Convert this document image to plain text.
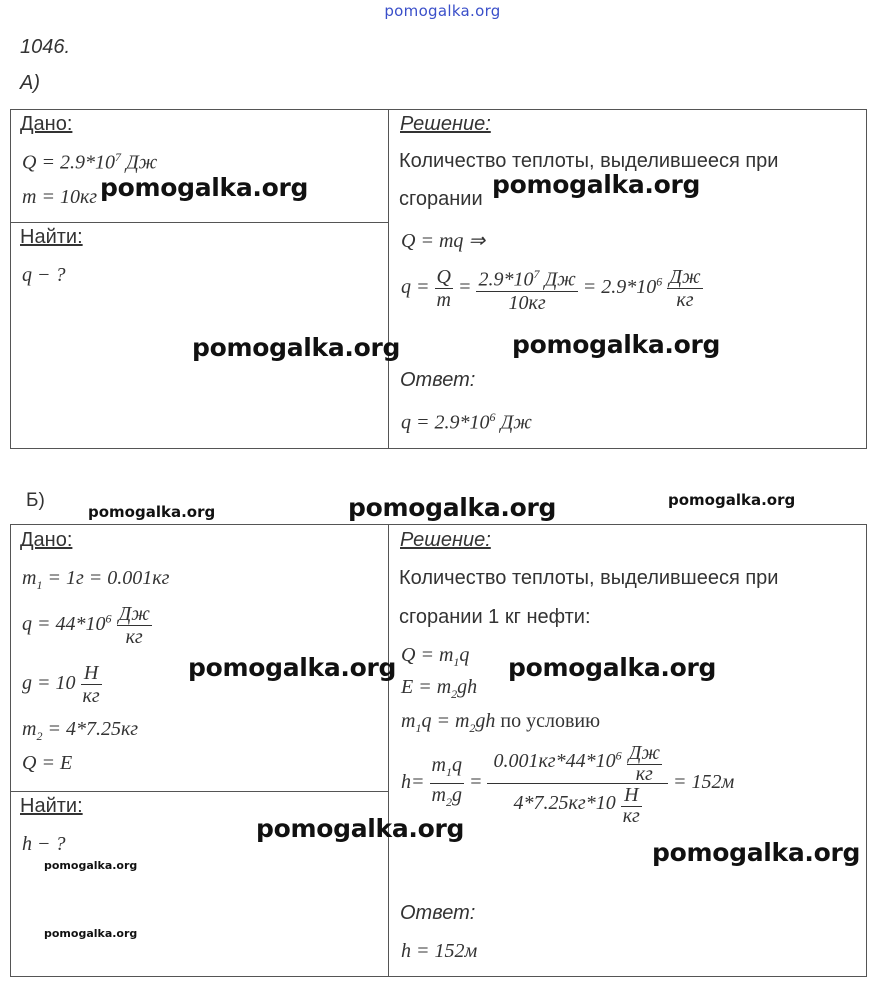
pomogalka.org
1046.
А)
Дано:
$Q = 2.9*10^7$ Дж
m = 10кг
Найти:
q − ?
Решение:
Количество теплоты, выделившееся при
сгорании
Q = mq ⇒
$q = \frac{Q}{m} = \frac{2.9*10^7 Дж}{10кг} = 2.9*10^6 \frac{Дж}{кг}$
Ответ:
$q = 2.9*10^6$ Дж
pomogalka.org	pomogalka.org
pomogalka.org	pomogalka.org
Б)
pomogalka.org	pomogalka.org	pomogalka.org
Дано:
$m_1 = 1г = 0.001кг$
$q = 44*10^6 \frac{Дж}{кг}$
$g = 10 \frac{Н}{кг}$
$m_2 = 4*7.25кг$
Q = E
Найти:
h − ?
Решение:
Количество теплоты, выделившееся при
сгорании 1 кг нефти:
$Q = m_1q$
$E = m_2gh$
$m_1q = m_2gh$ по условию
$h= \frac{m_1q}{m_2g} = \frac{0.001кг*44*10^6 \frac{Дж}{кг}}{4*7.25кг*10 \frac{Н}{кг}} = 152м$
Ответ:
h = 152м
pomogalka.org	pomogalka.org
pomogalka.org
pomogalka.org
pomogalka.org
pomogalka.org
